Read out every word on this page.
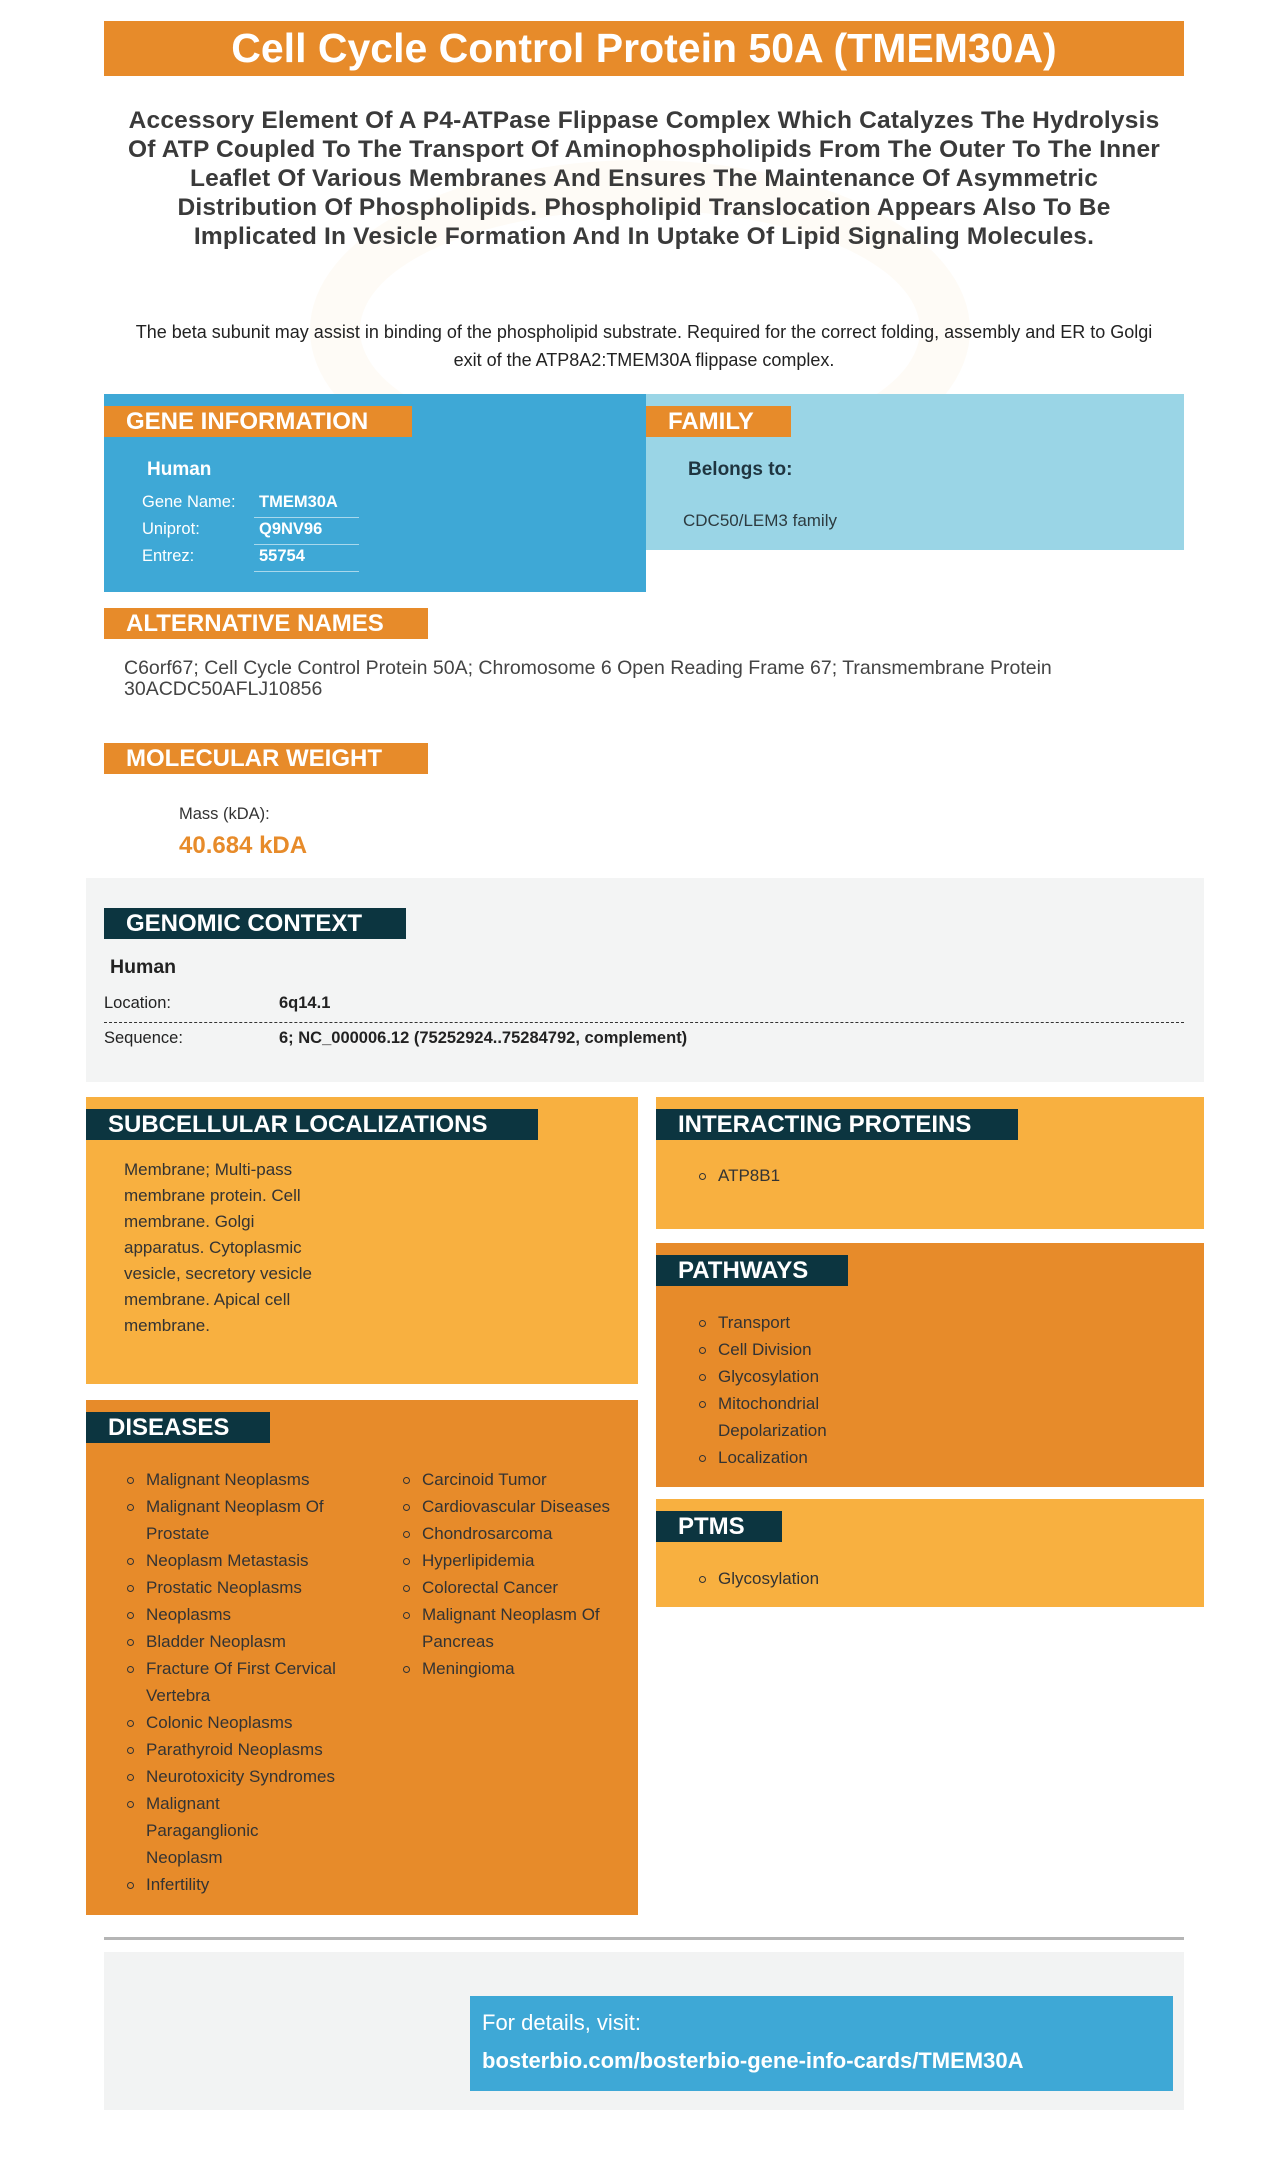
Cell Cycle Control Protein 50A (TMEM30A)
Accessory Element Of A P4-ATPase Flippase Complex Which Catalyzes The Hydrolysis Of ATP Coupled To The Transport Of Aminophospholipids From The Outer To The Inner Leaflet Of Various Membranes And Ensures The Maintenance Of Asymmetric Distribution Of Phospholipids. Phospholipid Translocation Appears Also To Be Implicated In Vesicle Formation And In Uptake Of Lipid Signaling Molecules.
The beta subunit may assist in binding of the phospholipid substrate. Required for the correct folding, assembly and ER to Golgi exit of the ATP8A2:TMEM30A flippase complex.
GENE INFORMATION
Human
Gene Name: TMEM30A
Uniprot:	Q9NV96
Entrez:	55754
FAMILY
Belongs to:
CDC50/LEM3 family
ALTERNATIVE NAMES
C6orf67; Cell Cycle Control Protein 50A; Chromosome 6 Open Reading Frame 67; Transmembrane Protein 30ACDC50AFLJ10856
MOLECULAR WEIGHT
Mass (kDA):
40.684 kDA
GENOMIC CONTEXT
Human
Location:	6q14.1
Sequence:	6; NC_000006.12 (75252924..75284792, complement)
SUBCELLULAR LOCALIZATIONS
Membrane; Multi-pass
membrane protein. Cell
membrane. Golgi
apparatus. Cytoplasmic
vesicle, secretory vesicle
membrane. Apical cell
membrane.
DISEASES
Malignant Neoplasms
Malignant Neoplasm Of Prostate
Neoplasm Metastasis
Prostatic Neoplasms
Neoplasms
Bladder Neoplasm
Fracture Of First Cervical Vertebra
Colonic Neoplasms
Parathyroid Neoplasms
Neurotoxicity Syndromes
Malignant Paraganglionic Neoplasm
Infertility
Carcinoid Tumor
Cardiovascular Diseases
Chondrosarcoma
Hyperlipidemia
Colorectal Cancer
Malignant Neoplasm Of Pancreas
Meningioma
INTERACTING PROTEINS
ATP8B1
PATHWAYS
Transport
Cell Division
Glycosylation
Mitochondrial Depolarization
Localization
PTMS
Glycosylation
For details, visit:
bosterbio.com/bosterbio-gene-info-cards/TMEM30A
